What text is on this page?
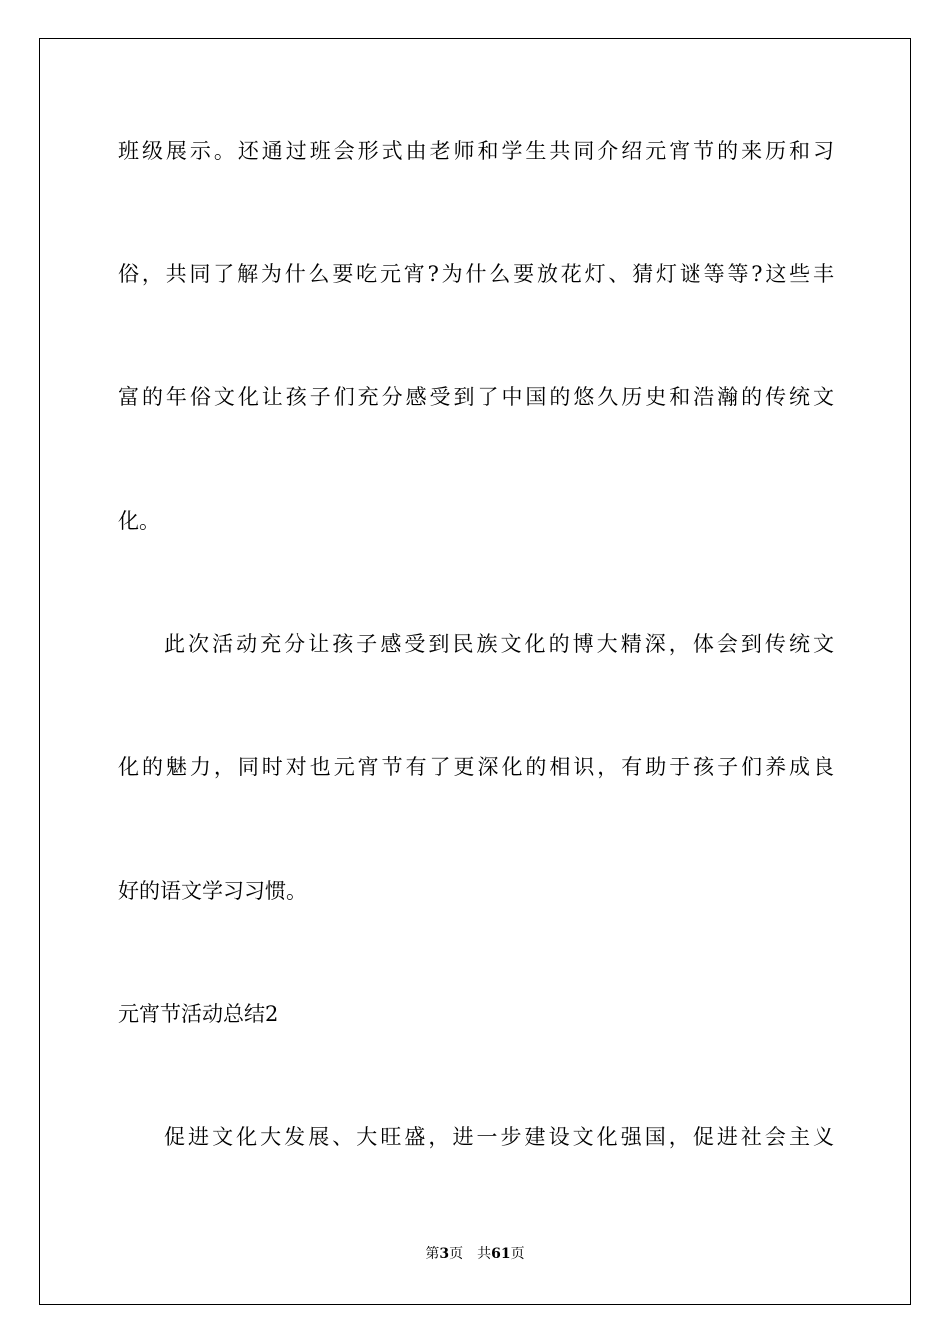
班级展示。还通过班会形式由老师和学生共同介绍元宵节的来历和习
俗，共同了解为什么要吃元宵?为什么要放花灯、猜灯谜等等?这些丰
富的年俗文化让孩子们充分感受到了中国的悠久历史和浩瀚的传统文
化。
此次活动充分让孩子感受到民族文化的博大精深，体会到传统文
化的魅力，同时对也元宵节有了更深化的相识，有助于孩子们养成良
好的语文学习习惯。
元宵节活动总结2
促进文化大发展、大旺盛，进一步建设文化强国，促进社会主义
第3页　共61页
